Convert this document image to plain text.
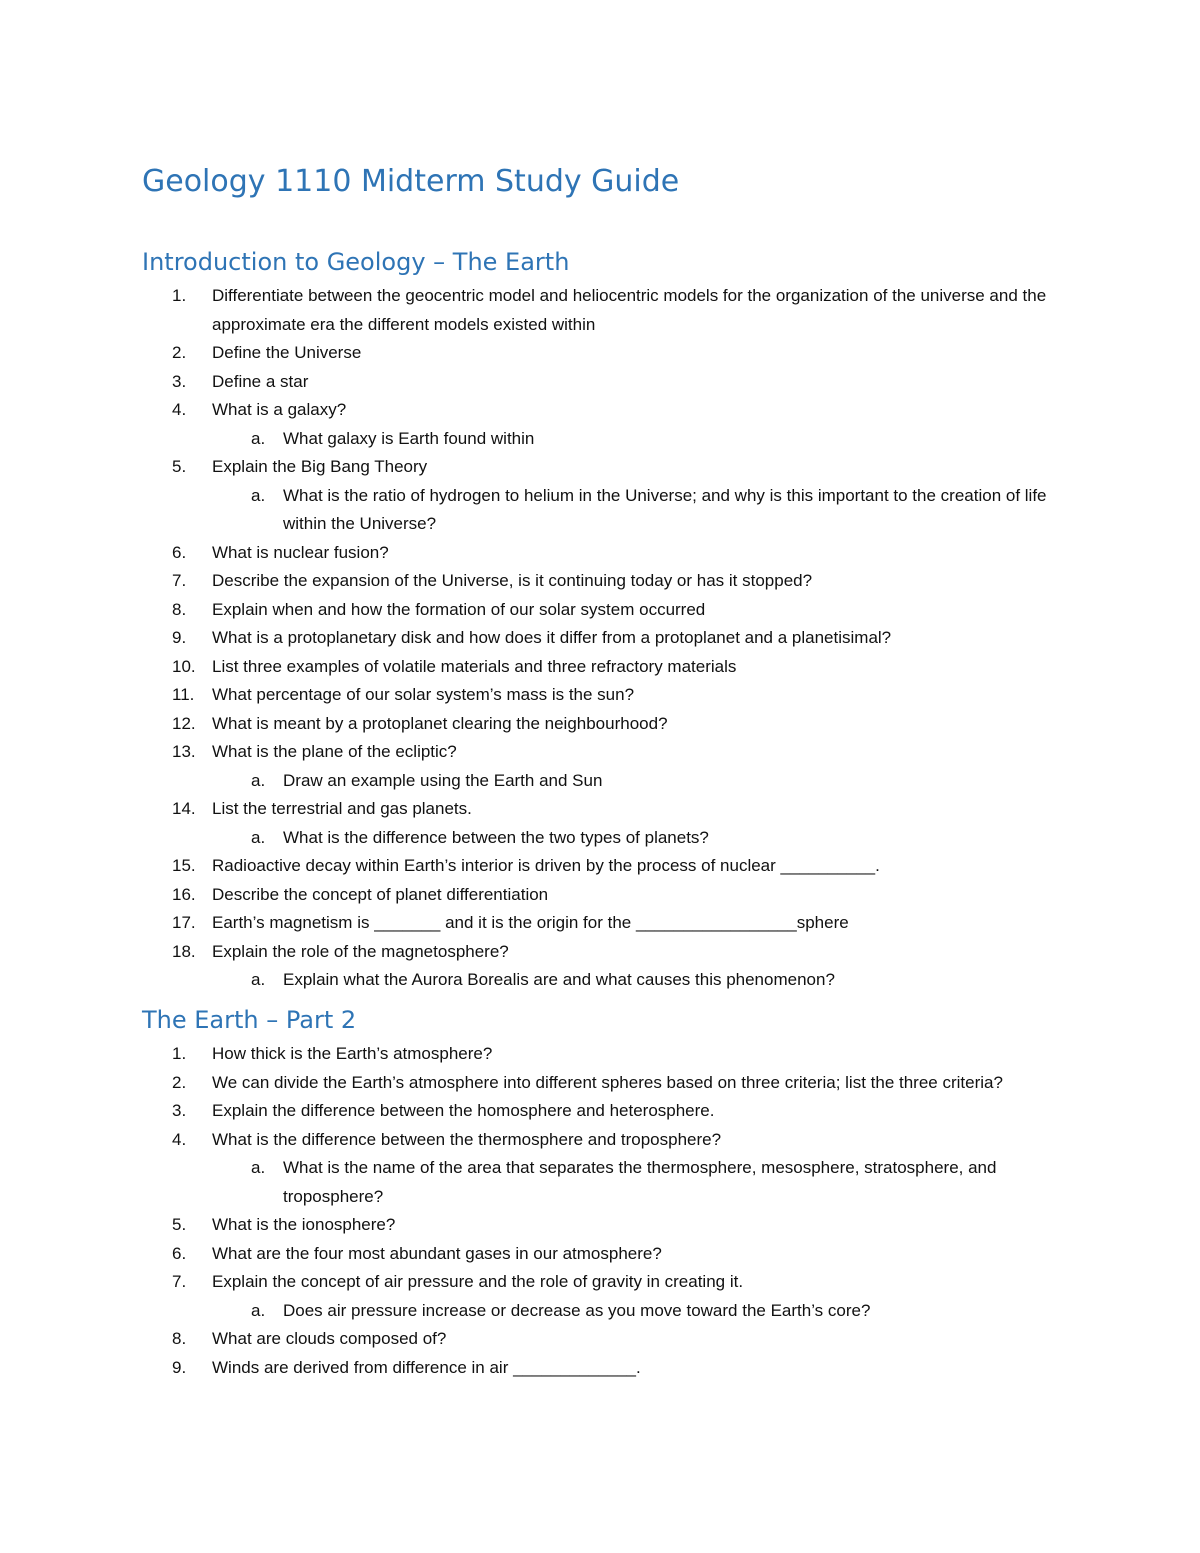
Geology 1110 Midterm Study Guide
Introduction to Geology – The Earth
1.	Differentiate between the geocentric model and heliocentric models for the organization of the universe and the approximate era the different models existed within
2.	Define the Universe
3.	Define a star
4.	What is a galaxy?
a.	What galaxy is Earth found within
5.	Explain the Big Bang Theory
a.	What is the ratio of hydrogen to helium in the Universe; and why is this important to the creation of life within the Universe?
6.	What is nuclear fusion?
7.	Describe the expansion of the Universe, is it continuing today or has it stopped?
8.	Explain when and how the formation of our solar system occurred
9.	What is a protoplanetary disk and how does it differ from a protoplanet and a planetisimal?
10. List three examples of volatile materials and three refractory materials
11.	What percentage of our solar system’s mass is the sun?
12. What is meant by a protoplanet clearing the neighbourhood?
13. What is the plane of the ecliptic?
a.	Draw an example using the Earth and Sun
14. List the terrestrial and gas planets.
a.	What is the difference between the two types of planets?
15. Radioactive decay within Earth’s interior is driven by the process of nuclear __________.
16. Describe the concept of planet differentiation
17. Earth’s magnetism is _______ and it is the origin for the _________________sphere
18. Explain the role of the magnetosphere?
a.	Explain what the Aurora Borealis are and what causes this phenomenon?
The Earth – Part 2
1.	How thick is the Earth’s atmosphere?
2.	We can divide the Earth’s atmosphere into different spheres based on three criteria; list the three criteria?
3.	Explain the difference between the homosphere and heterosphere.
4.	What is the difference between the thermosphere and troposphere?
a.	What is the name of the area that separates the thermosphere, mesosphere, stratosphere, and troposphere?
5.	What is the ionosphere?
6.	What are the four most abundant gases in our atmosphere?
7.	Explain the concept of air pressure and the role of gravity in creating it.
a.	Does air pressure increase or decrease as you move toward the Earth’s core?
8.	What are clouds composed of?
9.	Winds are derived from difference in air _____________.
